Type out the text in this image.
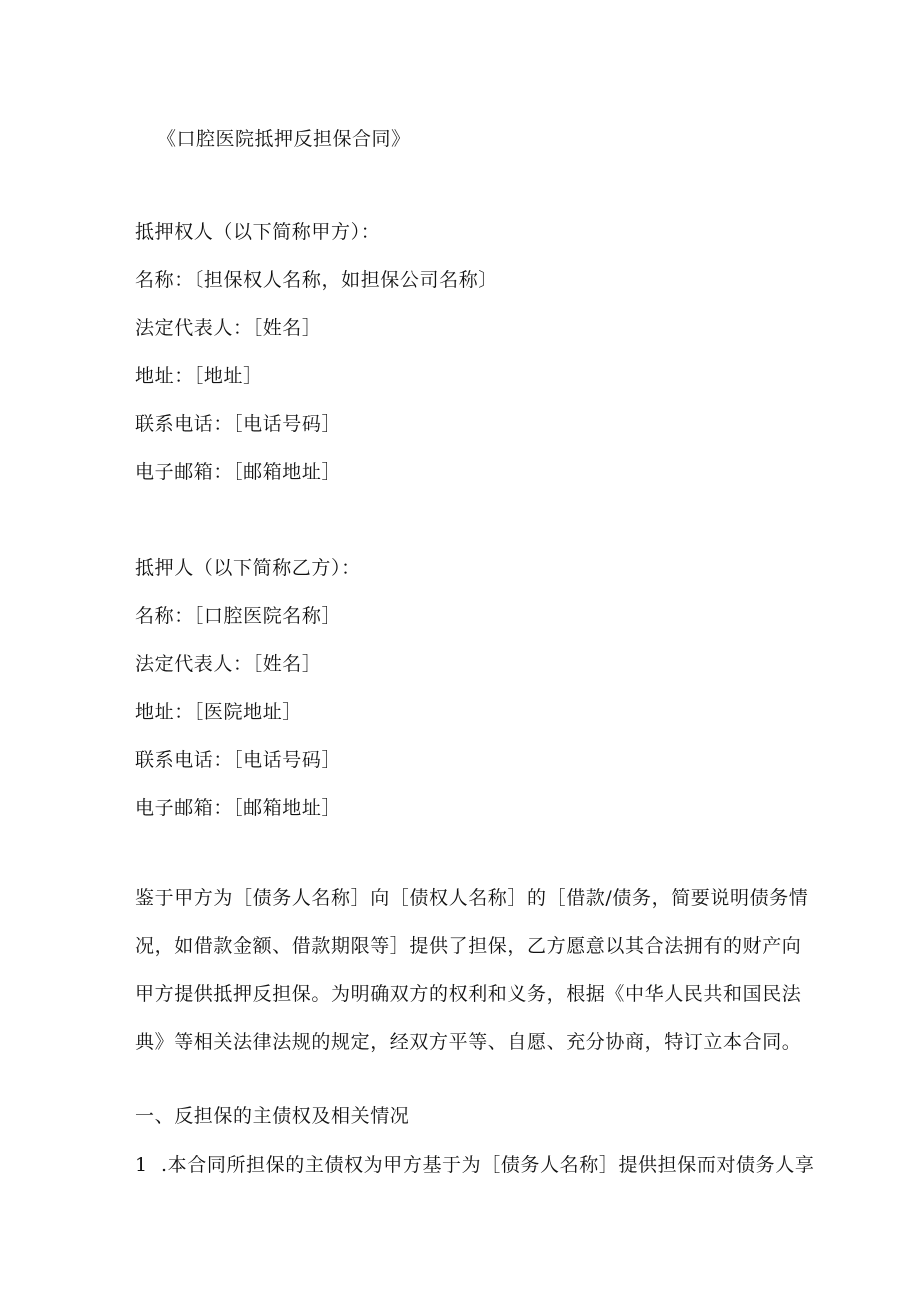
《口腔医院抵押反担保合同》
抵押权人（以下简称甲方）：
名称：〔担保权人名称，如担保公司名称〕
法定代表人：［姓名］
地址：［地址］
联系电话：［电话号码］
电子邮箱：［邮箱地址］
抵押人（以下简称乙方）：
名称：［口腔医院名称］
法定代表人：［姓名］
地址：［医院地址］
联系电话：［电话号码］
电子邮箱：［邮箱地址］
鉴于甲方为［债务人名称］向［债权人名称］的［借款/债务，简要说明债务情
况，如借款金额、借款期限等］提供了担保，乙方愿意以其合法拥有的财产向
甲方提供抵押反担保。为明确双方的权利和义务，根据《中华人民共和国民法
典》等相关法律法规的规定，经双方平等、自愿、充分协商，特订立本合同。
一、反担保的主债权及相关情况
1 .本合同所担保的主债权为甲方基于为［债务人名称］提供担保而对债务人享
